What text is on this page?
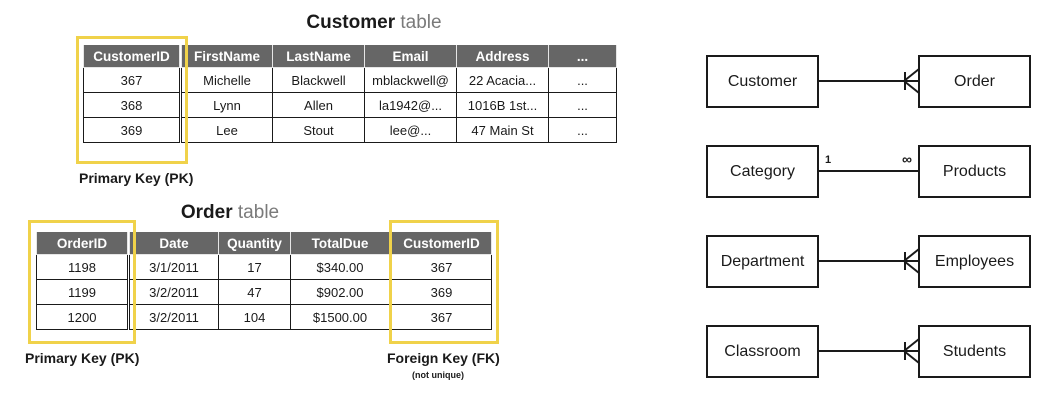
Customer table
CustomerID	FirstName	LastName	Email	Address	...
367	Michelle	Blackwell	mblackwell@	22 Acacia...	...
368	Lynn	Allen	la1942@...	1016B 1st...	...
369	Lee	Stout	lee@...	47 Main St	...
Primary Key (PK)
Order table
OrderID	Date	Quantity	TotalDue	CustomerID
1198	3/1/2011	17	$340.00	367
1199	3/2/2011	47	$902.00	369
1200	3/2/2011	104	$1500.00	367
Primary Key (PK)	Foreign Key (FK)
(not unique)
Customer	Order
Category	Products
1	∞
Department	Employees
Classroom	Students
